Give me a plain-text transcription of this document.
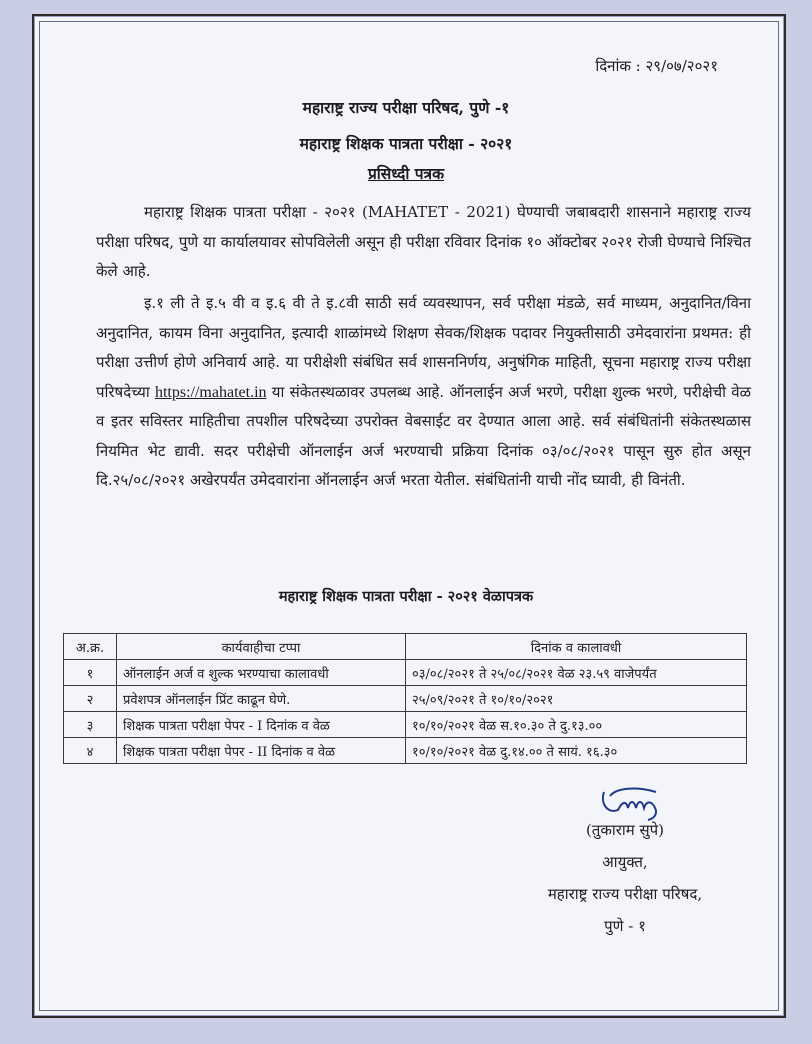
दिनांक : २९/०७/२०२१
महाराष्ट्र राज्य परीक्षा परिषद, पुणे -१
महाराष्ट्र शिक्षक पात्रता परीक्षा - २०२१
प्रसिध्दी पत्रक
महाराष्ट्र शिक्षक पात्रता परीक्षा - २०२१ (MAHATET - 2021) घेण्याची जबाबदारी शासनाने महाराष्ट्र राज्य परीक्षा परिषद, पुणे या कार्यालयावर सोपविलेली असून ही परीक्षा रविवार दिनांक १० ऑक्टोबर २०२१ रोजी घेण्याचे निश्चित केले आहे.
इ.१ ली ते इ.५ वी व इ.६ वी ते इ.८वी साठी सर्व व्यवस्थापन, सर्व परीक्षा मंडळे, सर्व माध्यम, अनुदानित/विना अनुदानित, कायम विना अनुदानित, इत्यादी शाळांमध्ये शिक्षण सेवक/शिक्षक पदावर नियुक्तीसाठी उमेदवारांना प्रथमत: ही परीक्षा उत्तीर्ण होणे अनिवार्य आहे. या परीक्षेशी संबंधित सर्व शासननिर्णय, अनुषंगिक माहिती, सूचना महाराष्ट्र राज्य परीक्षा परिषदेच्या https://mahatet.in या संकेतस्थळावर उपलब्ध आहे. ऑनलाईन अर्ज भरणे, परीक्षा शुल्क भरणे, परीक्षेची वेळ व इतर सविस्तर माहितीचा तपशील परिषदेच्या उपरोक्त वेबसाईट वर देण्यात आला आहे. सर्व संबंधितांनी संकेतस्थळास नियमित भेट द्यावी. सदर परीक्षेची ऑनलाईन अर्ज भरण्याची प्रक्रिया दिनांक ०३/०८/२०२१ पासून सुरु होत असून दि.२५/०८/२०२१ अखेरपर्यंत उमेदवारांना ऑनलाईन अर्ज भरता येतील. संबंधितांनी याची नोंद घ्यावी, ही विनंती.
महाराष्ट्र शिक्षक पात्रता परीक्षा - २०२१ वेळापत्रक
अ.क्र.	कार्यवाहीचा टप्पा	दिनांक व कालावधी
१	ऑनलाईन अर्ज व शुल्क भरण्याचा कालावधी	०३/०८/२०२१ ते २५/०८/२०२१ वेळ २३.५९ वाजेपर्यंत
२	प्रवेशपत्र ऑनलाईन प्रिंट काढून घेणे.	२५/०९/२०२१ ते १०/१०/२०२१
३	शिक्षक पात्रता परीक्षा पेपर - I दिनांक व वेळ	१०/१०/२०२१ वेळ स.१०.३० ते दु.१३.००
४	शिक्षक पात्रता परीक्षा पेपर - II दिनांक व वेळ	१०/१०/२०२१ वेळ दु.१४.०० ते सायं. १६.३०
(तुकाराम सुपे)
आयुक्त,
महाराष्ट्र राज्य परीक्षा परिषद,
पुणे - १
